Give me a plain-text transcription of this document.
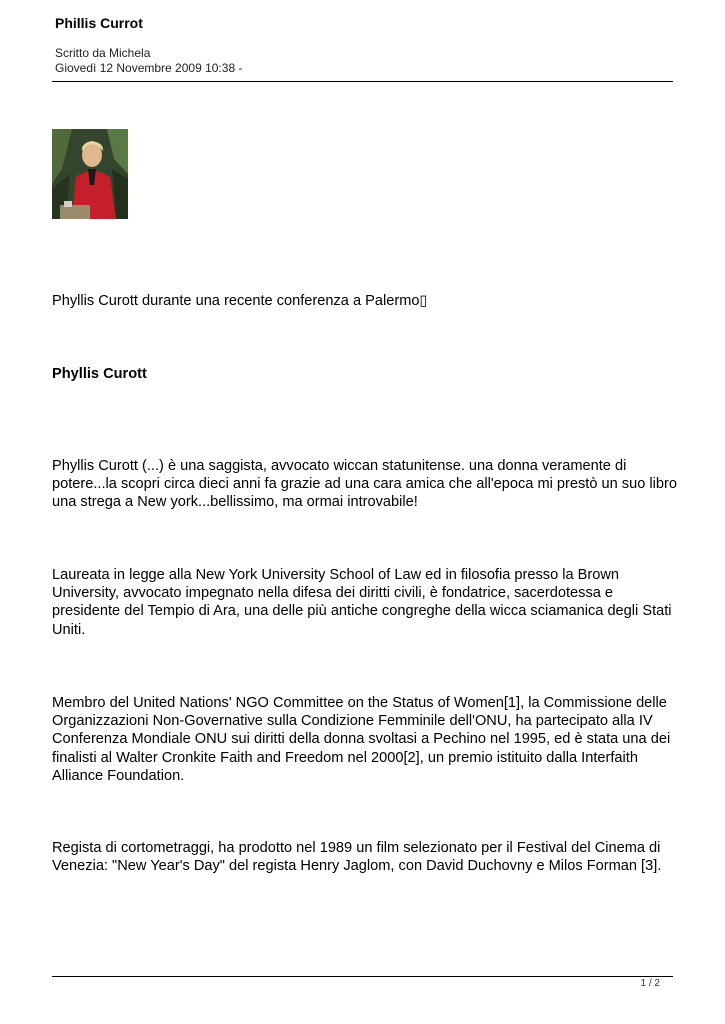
Phillis Currot
Scritto da Michela
Giovedì 12 Novembre 2009 10:38 -
Phyllis Curott durante una recente conferenza a Palermo▯
Phyllis Curott
Phyllis Curott (...) è una saggista, avvocato wiccan statunitense. una donna veramente di potere...la scopri circa dieci anni fa grazie ad una cara amica che all'epoca mi prestò un suo libro una strega a New york...bellissimo, ma ormai introvabile!
Laureata in legge alla New York University School of Law ed in filosofia presso la Brown University, avvocato impegnato nella difesa dei diritti civili, è fondatrice, sacerdotessa e presidente del Tempio di Ara, una delle più antiche congreghe della wicca sciamanica degli Stati Uniti.
Membro del United Nations' NGO Committee on the Status of Women[1], la Commissione delle Organizzazioni Non-Governative sulla Condizione Femminile dell'ONU, ha partecipato alla IV Conferenza Mondiale ONU sui diritti della donna svoltasi a Pechino nel 1995, ed è stata una dei finalisti al Walter Cronkite Faith and Freedom nel 2000[2], un premio istituito dalla Interfaith Alliance Foundation.
Regista di cortometraggi, ha prodotto nel 1989 un film selezionato per il Festival del Cinema di Venezia: "New Year's Day" del regista Henry Jaglom, con David Duchovny e Milos Forman [3].
1 / 2
